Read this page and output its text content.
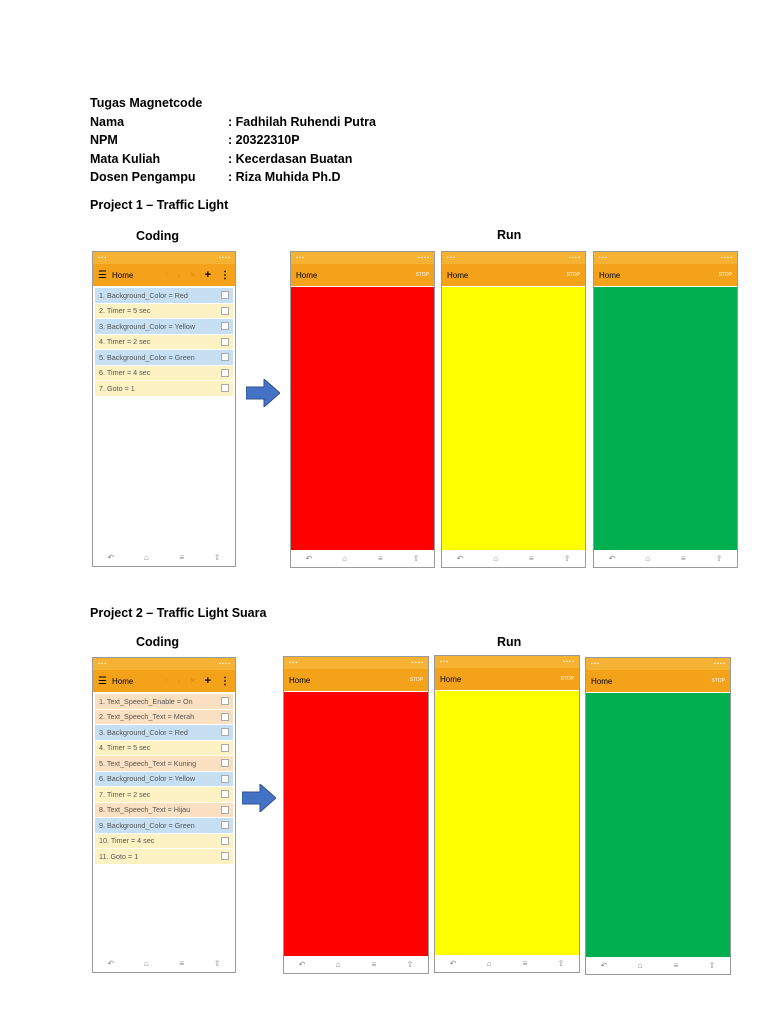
Tugas Magnetcode
Nama	: Fadhilah Ruhendi Putra
NPM	: 20322310P
Mata Kuliah	: Kecerdasan Buatan
Dosen Pengampu	: Riza Muhida Ph.D
Project 1 – Traffic Light
Coding	Run
▪ ▪ ▪	▪ ▪ ▪ ▪
☰ Home	↑ ↓ ✕ + ⋮
1. Background_Color = Red
2. Timer = 5 sec
3. Background_Color = Yellow
4. Timer = 2 sec
5. Background_Color = Green
6. Timer = 4 sec
7. Goto = 1
↶	⌂	≡	⇧
▪ ▪ ▪	▪ ▪ ▪ ▪
Home	STOP
↶	⌂	≡	⇧
▪ ▪ ▪	▪ ▪ ▪ ▪
Home	STOP
↶	⌂	≡	⇧
▪ ▪ ▪	▪ ▪ ▪ ▪
Home	STOP
↶	⌂	≡	⇧
Project 2 – Traffic Light Suara
Coding	Run
▪ ▪ ▪	▪ ▪ ▪ ▪
☰ Home	↑ ↓ ✕ + ⋮
1. Text_Speech_Enable = On
2. Text_Speech_Text = Merah
3. Background_Color = Red
4. Timer = 5 sec
5. Text_Speech_Text = Kuning
6. Background_Color = Yellow
7. Timer = 2 sec
8. Text_Speech_Text = Hijau
9. Background_Color = Green
10. Timer = 4 sec
11. Goto = 1
↶	⌂	≡	⇧
▪ ▪ ▪	▪ ▪ ▪ ▪
Home	STOP
↶	⌂	≡	⇧
▪ ▪ ▪	▪ ▪ ▪ ▪
Home	STOP
↶	⌂	≡	⇧
▪ ▪ ▪	▪ ▪ ▪ ▪
Home	STOP
↶	⌂	≡	⇧
